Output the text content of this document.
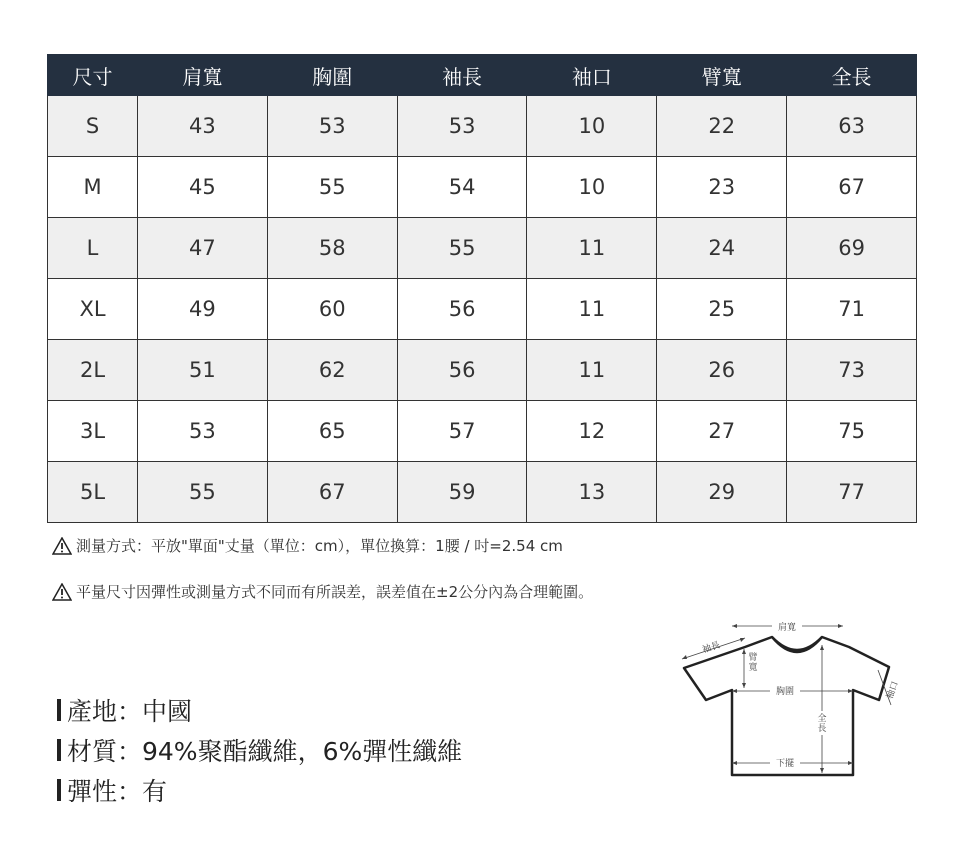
尺寸	肩寬	胸圍	袖長	袖口	臂寬	全長
S	43	53	53	10	22	63
M	45	55	54	10	23	67
L	47	58	55	11	24	69
XL	49	60	56	11	25	71
2L	51	62	56	11	26	73
3L	53	65	57	12	27	75
5L	55	67	59	13	29	77
測量方式：平放"單面"丈量（單位：cm），單位換算：1腰 / 吋=2.54 cm
平量尺寸因彈性或測量方式不同而有所誤差，誤差值在±2公分內為合理範圍。
產地：中國
材質：94%聚酯纖維，6%彈性纖維
彈性：有
肩寬
袖長
臂寬
胸圍
全長
下擺
袖口
